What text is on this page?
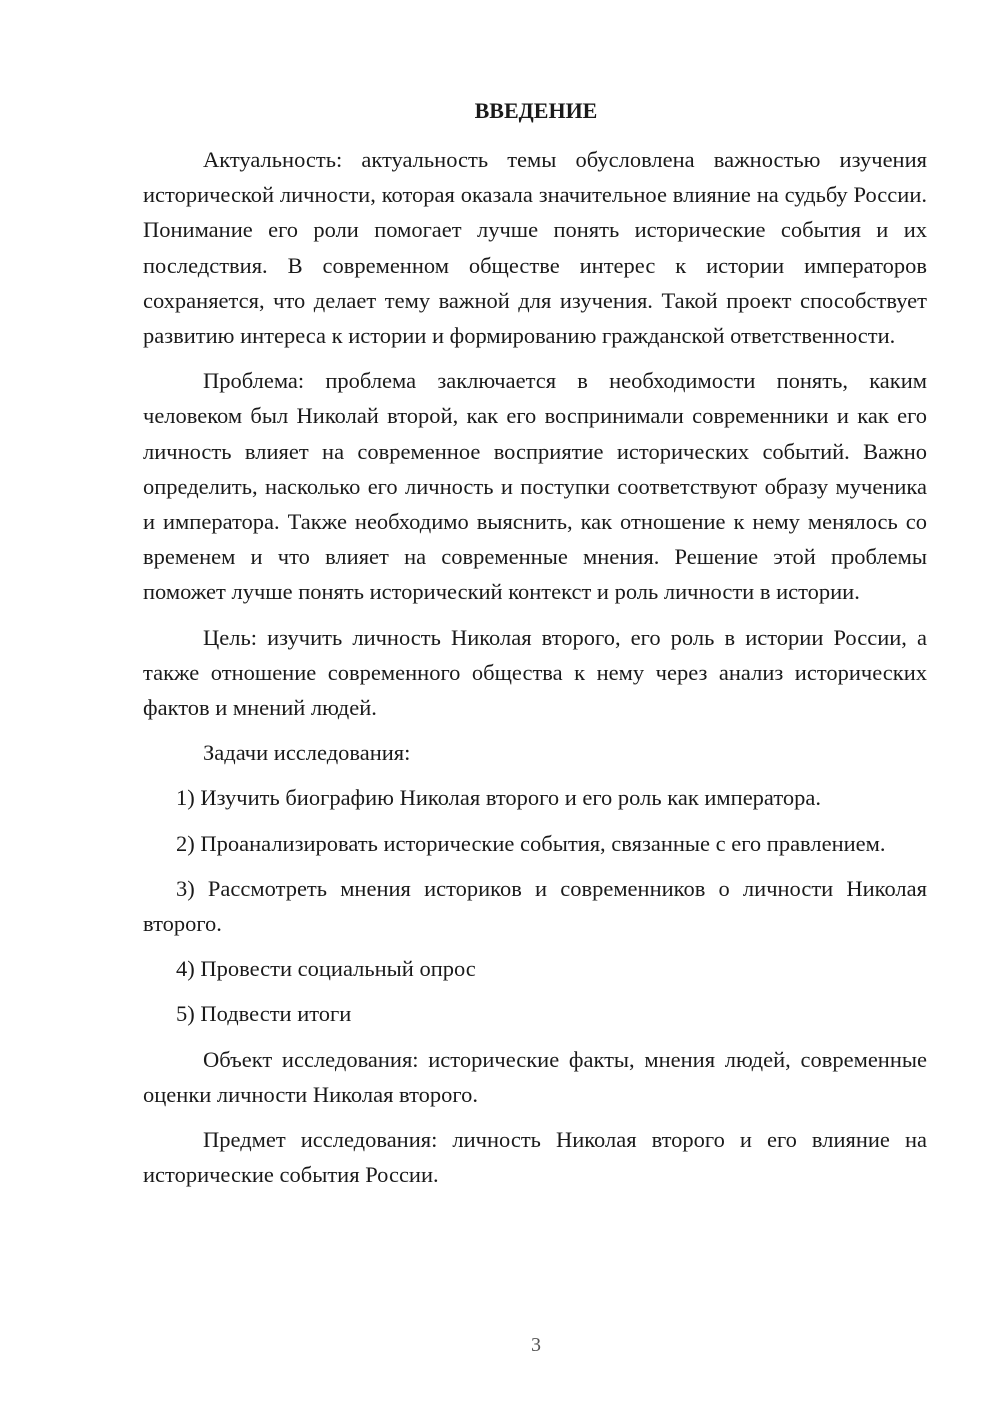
ВВЕДЕНИЕ

Актуальность: актуальность темы обусловлена важностью изучения исторической личности, которая оказала значительное влияние на судьбу России. Понимание его роли помогает лучше понять исторические события и их последствия. В современном обществе интерес к истории императоров сохраняется, что делает тему важной для изучения. Такой проект способствует развитию интереса к истории и формированию гражданской ответственности.

Проблема: проблема заключается в необходимости понять, каким человеком был Николай второй, как его воспринимали современники и как его личность влияет на современное восприятие исторических событий. Важно определить, насколько его личность и поступки соответствуют образу мученика и императора. Также необходимо выяснить, как отношение к нему менялось со временем и что влияет на современные мнения. Решение этой проблемы поможет лучше понять исторический контекст и роль личности в истории.

Цель: изучить личность Николая второго, его роль в истории России, а также отношение современного общества к нему через анализ исторических фактов и мнений людей.

Задачи исследования:

1) Изучить биографию Николая второго и его роль как императора.

2) Проанализировать исторические события, связанные с его правлением.

3) Рассмотреть мнения историков и современников о личности Николая второго.

4) Провести социальный опрос

5) Подвести итоги

Объект исследования: исторические факты, мнения людей, современные оценки личности Николая второго.

Предмет исследования: личность Николая второго и его влияние на исторические события России.

3
